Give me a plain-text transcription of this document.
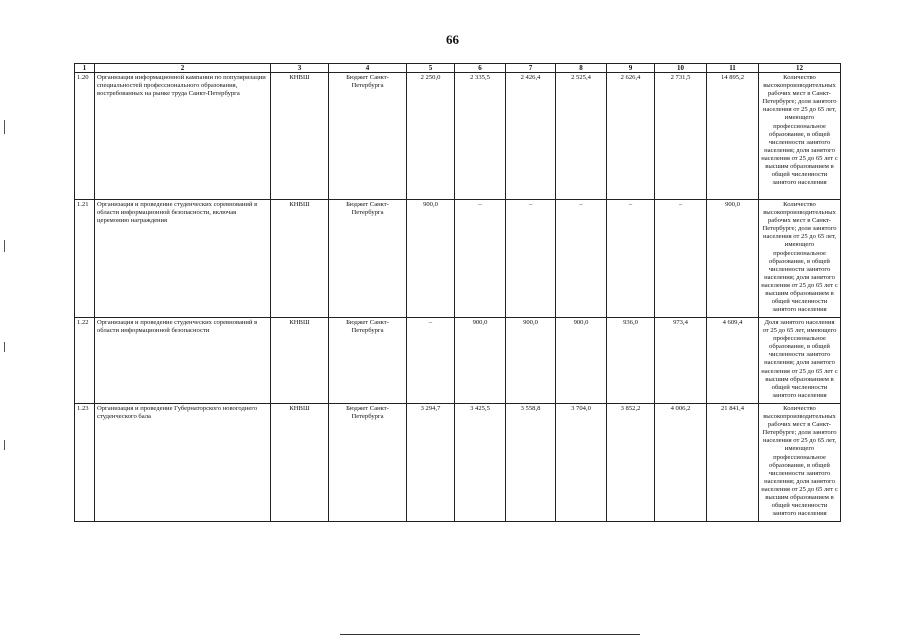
66
1	2	3	4	5	6	7	8	9	10	11	12
1.20	Организация информационной кампании по популяризации специальностей профессионального образования, востребованных на рынке труда Санкт-Петербурга	КНВШ	Бюджет Санкт-Петербурга	2 250,0	2 335,5	2 426,4	2 525,4	2 626,4	2 731,5	14 895,2	Количество высокопроизводительных рабочих мест в Санкт-Петербурге; доля занятого населения от 25 до 65 лет, имеющего профессиональное образование, в общей численности занятого населения; доля занятого населения от 25 до 65 лет с высшим образованием в общей численности занятого населения
1.21	Организация и проведение студенческих соревнований в области информационной безопасности, включая церемонию награждения	КНВШ	Бюджет Санкт-Петербурга	900,0	–	–	–	–	–	900,0	Количество высокопроизводительных рабочих мест в Санкт-Петербурге; доля занятого населения от 25 до 65 лет, имеющего профессиональное образование, в общей численности занятого населения; доля занятого населения от 25 до 65 лет с высшим образованием в общей численности занятого населения
1.22	Организация и проведение студенческих соревнований в области информационной безопасности	КНВШ	Бюджет Санкт-Петербурга	–	900,0	900,0	900,0	936,0	973,4	4 609,4	Доля занятого населения от 25 до 65 лет, имеющего профессиональное образование, в общей численности занятого населения; доля занятого населения от 25 до 65 лет с высшим образованием в общей численности занятого населения
1.23	Организация и проведение Губернаторского новогоднего студенческого бала	КНВШ	Бюджет Санкт-Петербурга	3 294,7	3 425,5	3 558,8	3 704,0	3 852,2	4 006,2	21 841,4	Количество высокопроизводительных рабочих мест в Санкт-Петербурге; доля занятого населения от 25 до 65 лет, имеющего профессиональное образование, в общей численности занятого населения; доля занятого населения от 25 до 65 лет с высшим образованием в общей численности занятого населения
